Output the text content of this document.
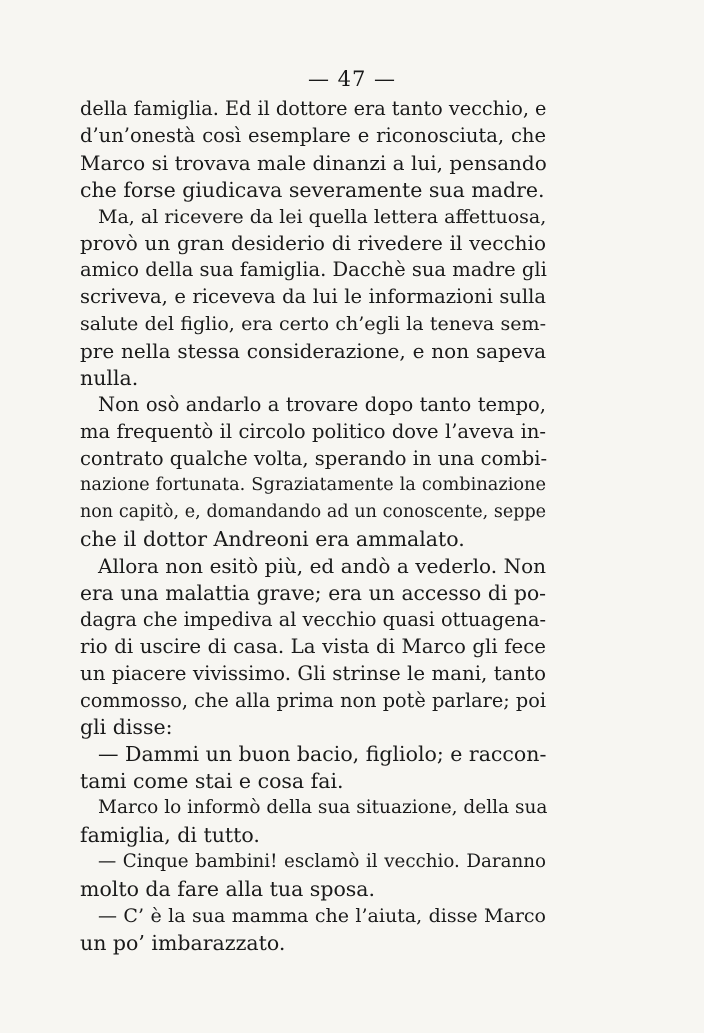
— 47 —
della famiglia. Ed il dottore era tanto vecchio, e
d’un’onestà così esemplare e riconosciuta, che
Marco si trovava male dinanzi a lui, pensando
che forse giudicava severamente sua madre.
Ma, al ricevere da lei quella lettera affettuosa,
provò un gran desiderio di rivedere il vecchio
amico della sua famiglia. Dacchè sua madre gli
scriveva, e riceveva da lui le informazioni sulla
salute del figlio, era certo ch’egli la teneva sem-
pre nella stessa considerazione, e non sapeva
nulla.
Non osò andarlo a trovare dopo tanto tempo,
ma frequentò il circolo politico dove l’aveva in-
contrato qualche volta, sperando in una combi-
nazione fortunata. Sgraziatamente la combinazione
non capitò, e, domandando ad un conoscente, seppe
che il dottor Andreoni era ammalato.
Allora non esitò più, ed andò a vederlo. Non
era una malattia grave; era un accesso di po-
dagra che impediva al vecchio quasi ottuagena-
rio di uscire di casa. La vista di Marco gli fece
un piacere vivissimo. Gli strinse le mani, tanto
commosso, che alla prima non potè parlare; poi
gli disse:
— Dammi un buon bacio, figliolo; e raccon-
tami come stai e cosa fai.
Marco lo informò della sua situazione, della sua
famiglia, di tutto.
— Cinque bambini! esclamò il vecchio. Daranno
molto da fare alla tua sposa.
— C’ è la sua mamma che l’aiuta, disse Marco
un po’ imbarazzato.
